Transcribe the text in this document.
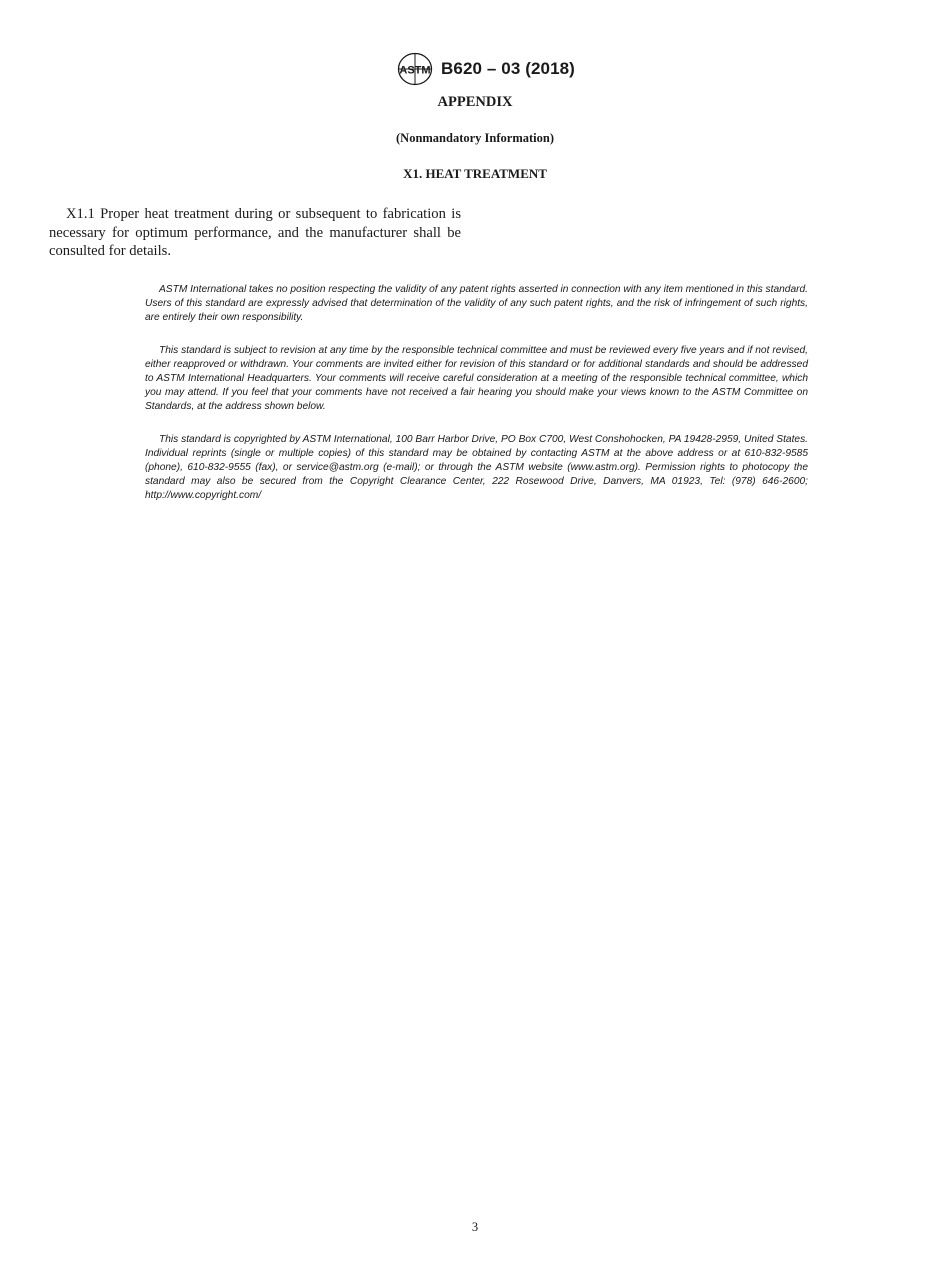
ASTM B620 – 03 (2018)
APPENDIX
(Nonmandatory Information)
X1. HEAT TREATMENT

X1.1 Proper heat treatment during or subsequent to fabrication is necessary for optimum performance, and the manufacturer shall be consulted for details.

ASTM International takes no position respecting the validity of any patent rights asserted in connection with any item mentioned in this standard. Users of this standard are expressly advised that determination of the validity of any such patent rights, and the risk of infringement of such rights, are entirely their own responsibility.

This standard is subject to revision at any time by the responsible technical committee and must be reviewed every five years and if not revised, either reapproved or withdrawn. Your comments are invited either for revision of this standard or for additional standards and should be addressed to ASTM International Headquarters. Your comments will receive careful consideration at a meeting of the responsible technical committee, which you may attend. If you feel that your comments have not received a fair hearing you should make your views known to the ASTM Committee on Standards, at the address shown below.

This standard is copyrighted by ASTM International, 100 Barr Harbor Drive, PO Box C700, West Conshohocken, PA 19428-2959, United States. Individual reprints (single or multiple copies) of this standard may be obtained by contacting ASTM at the above address or at 610-832-9585 (phone), 610-832-9555 (fax), or service@astm.org (e-mail); or through the ASTM website (www.astm.org). Permission rights to photocopy the standard may also be secured from the Copyright Clearance Center, 222 Rosewood Drive, Danvers, MA 01923, Tel: (978) 646-2600; http://www.copyright.com/

3
